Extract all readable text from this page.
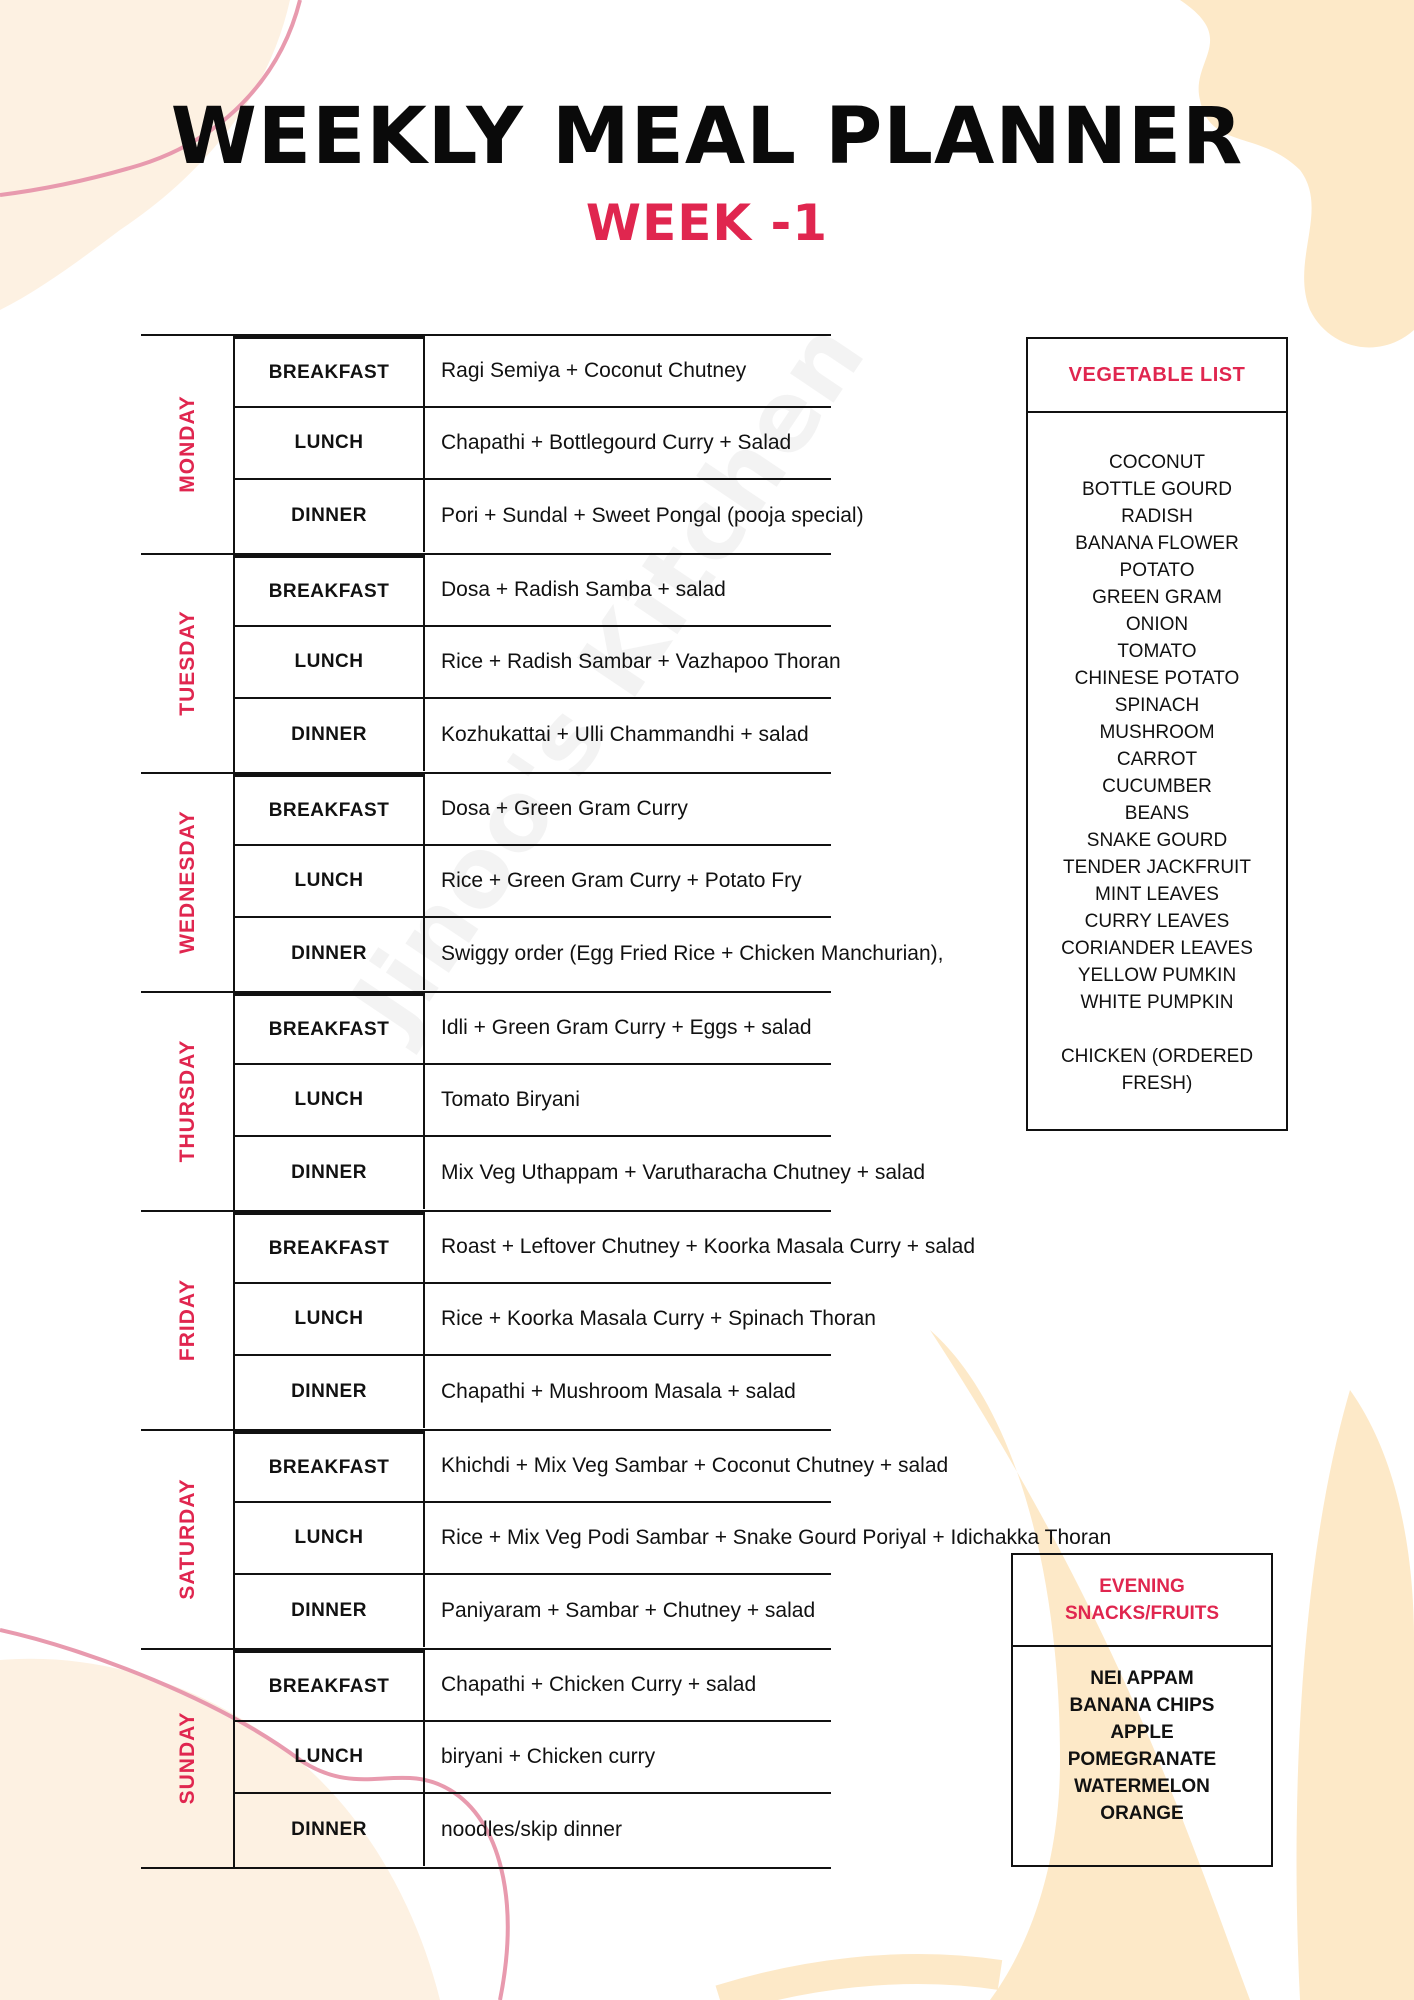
WEEKLY MEAL PLANNER
WEEK -1
MONDAY
BREAKFAST	Ragi Semiya + Coconut Chutney
LUNCH	Chapathi + Bottlegourd Curry + Salad
DINNER	Pori + Sundal + Sweet Pongal (pooja special)
TUESDAY
BREAKFAST	Dosa + Radish Samba + salad
LUNCH	Rice + Radish Sambar + Vazhapoo Thoran
DINNER	Kozhukattai + Ulli Chammandhi + salad
WEDNESDAY
BREAKFAST	Dosa + Green Gram Curry
LUNCH	Rice + Green Gram Curry + Potato Fry
DINNER	Swiggy order (Egg Fried Rice + Chicken Manchurian),
THURSDAY
BREAKFAST	Idli + Green Gram Curry + Eggs + salad
LUNCH	Tomato Biryani
DINNER	Mix Veg Uthappam + Varutharacha Chutney + salad
FRIDAY
BREAKFAST	Roast + Leftover Chutney + Koorka Masala Curry + salad
LUNCH	Rice + Koorka Masala Curry + Spinach Thoran
DINNER	Chapathi + Mushroom Masala + salad
SATURDAY
BREAKFAST	Khichdi + Mix Veg Sambar + Coconut Chutney + salad
LUNCH	Rice + Mix Veg Podi Sambar + Snake Gourd Poriyal + Idichakka Thoran
DINNER	Paniyaram + Sambar + Chutney + salad
SUNDAY
BREAKFAST	Chapathi + Chicken Curry + salad
LUNCH	biryani + Chicken curry
DINNER	noodles/skip dinner
VEGETABLE LIST
COCONUT
BOTTLE GOURD
RADISH
BANANA FLOWER
POTATO
GREEN GRAM
ONION
TOMATO
CHINESE POTATO
SPINACH
MUSHROOM
CARROT
CUCUMBER
BEANS
SNAKE GOURD
TENDER JACKFRUIT
MINT LEAVES
CURRY LEAVES
CORIANDER LEAVES
YELLOW PUMKIN
WHITE PUMPKIN
CHICKEN (ORDERED
FRESH)
EVENING
SNACKS/FRUITS
NEI APPAM
BANANA CHIPS
APPLE
POMEGRANATE
WATERMELON
ORANGE
